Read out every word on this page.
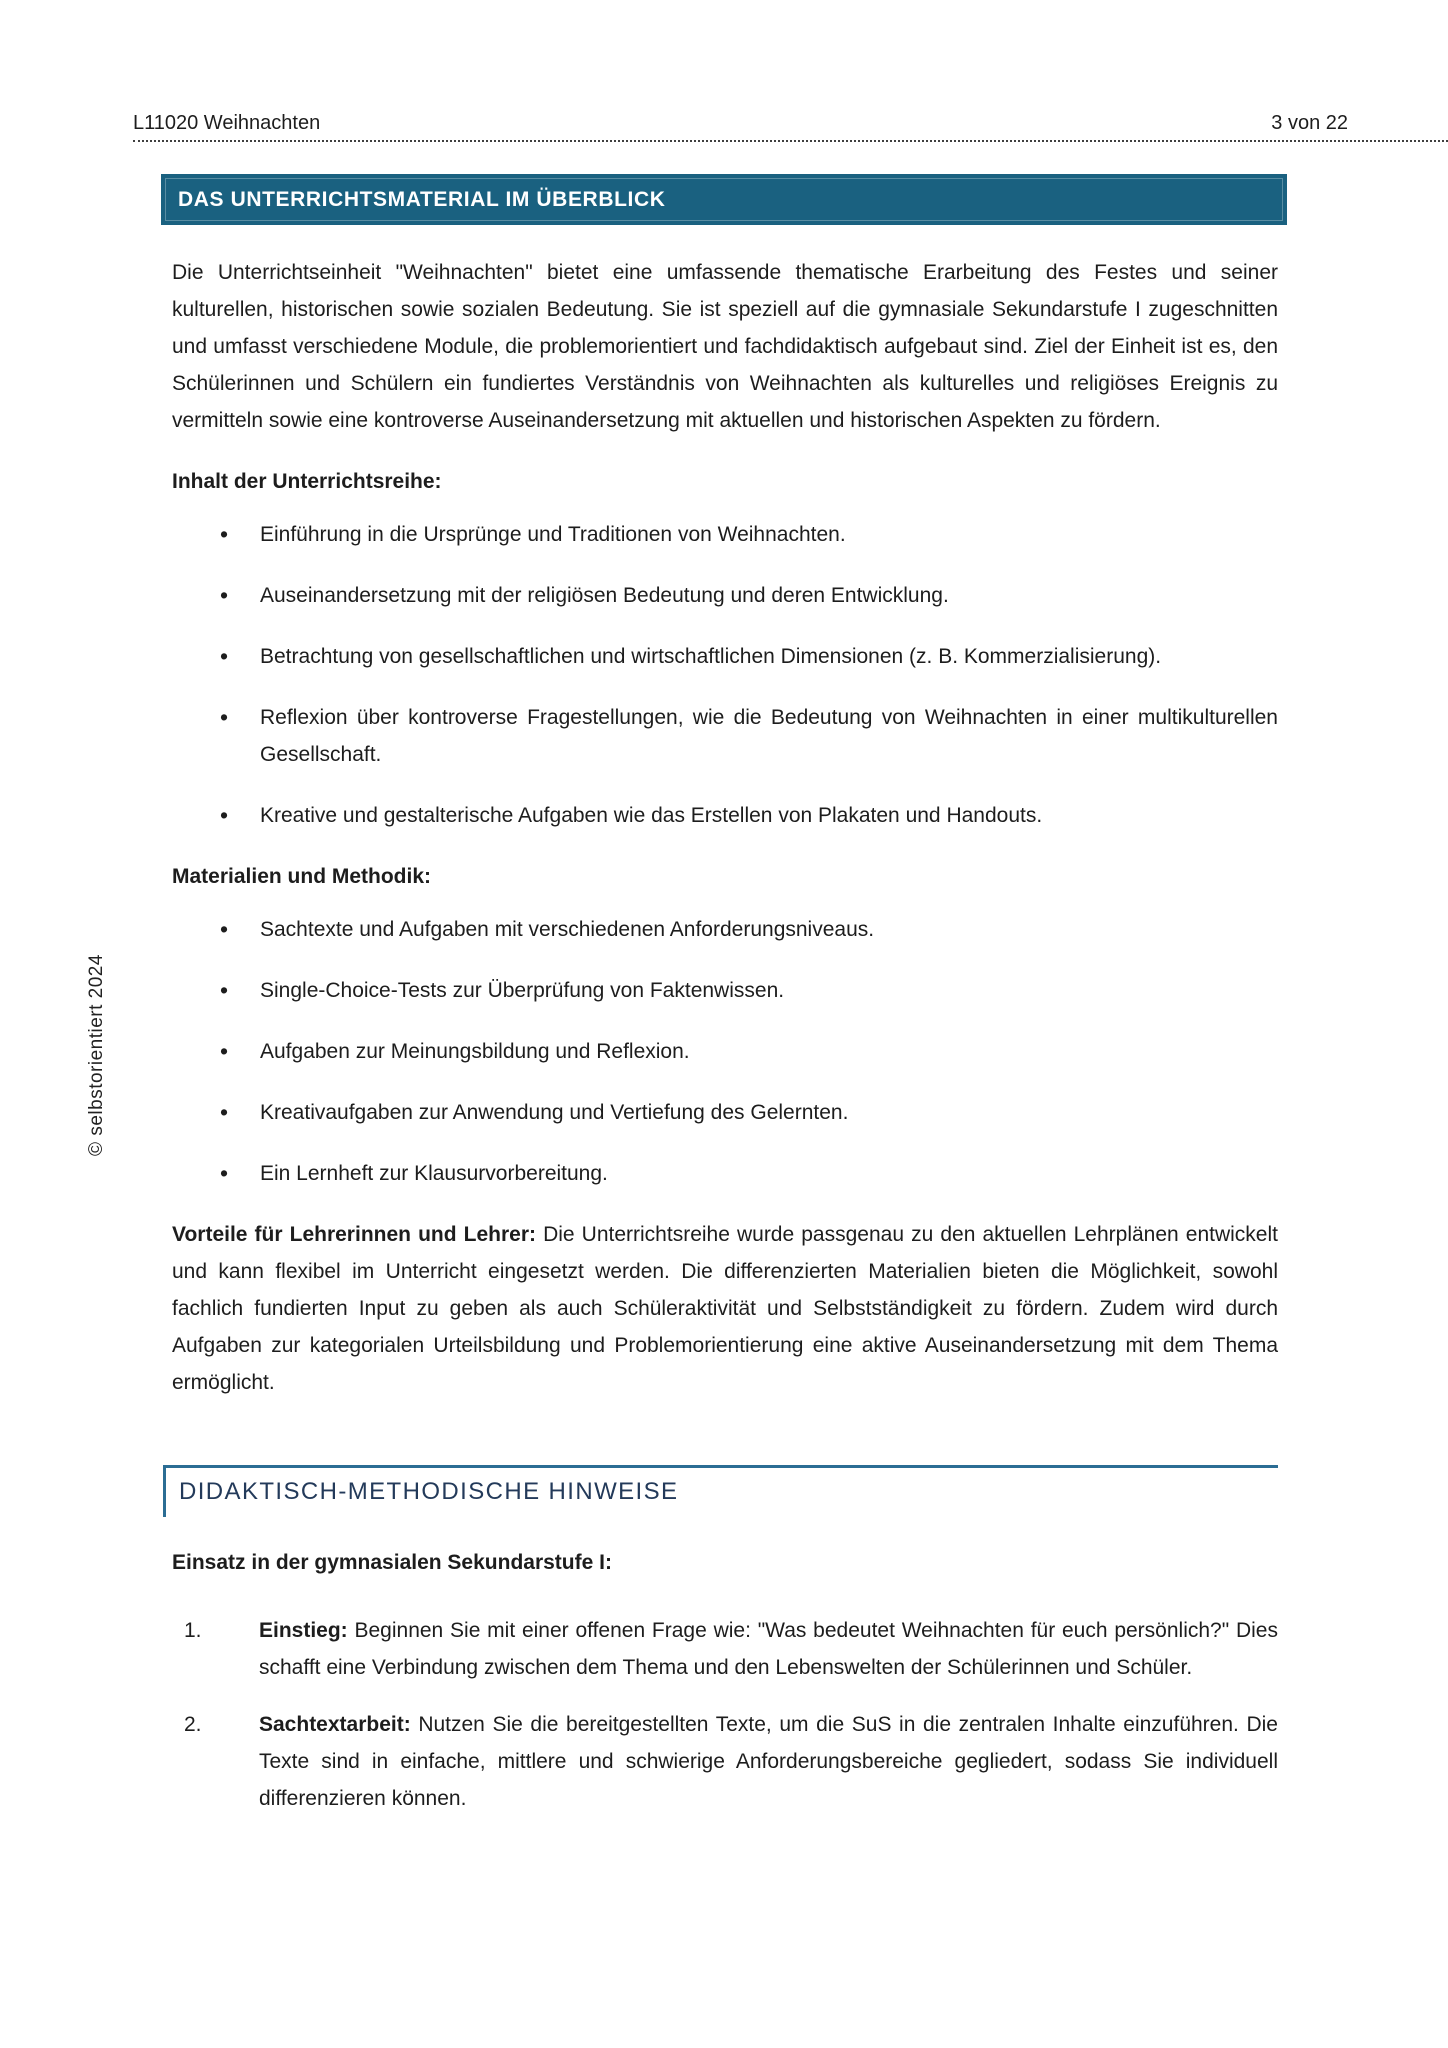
L11020 Weihnachten	3 von 22
© selbstorientiert 2024
DAS UNTERRICHTSMATERIAL IM ÜBERBLICK

Die Unterrichtseinheit "Weihnachten" bietet eine umfassende thematische Erarbeitung des Festes und seiner kulturellen, historischen sowie sozialen Bedeutung. Sie ist speziell auf die gymnasiale Sekundarstufe I zugeschnitten und umfasst verschiedene Module, die problemorientiert und fachdidaktisch aufgebaut sind. Ziel der Einheit ist es, den Schülerinnen und Schülern ein fundiertes Verständnis von Weihnachten als kulturelles und religiöses Ereignis zu vermitteln sowie eine kontroverse Auseinandersetzung mit aktuellen und historischen Aspekten zu fördern.

Inhalt der Unterrichtsreihe:
• Einführung in die Ursprünge und Traditionen von Weihnachten.
• Auseinandersetzung mit der religiösen Bedeutung und deren Entwicklung.
• Betrachtung von gesellschaftlichen und wirtschaftlichen Dimensionen (z. B. Kommerzialisierung).
• Reflexion über kontroverse Fragestellungen, wie die Bedeutung von Weihnachten in einer multikulturellen Gesellschaft.
• Kreative und gestalterische Aufgaben wie das Erstellen von Plakaten und Handouts.
Materialien und Methodik:
• Sachtexte und Aufgaben mit verschiedenen Anforderungsniveaus.
• Single-Choice-Tests zur Überprüfung von Faktenwissen.
• Aufgaben zur Meinungsbildung und Reflexion.
• Kreativaufgaben zur Anwendung und Vertiefung des Gelernten.
• Ein Lernheft zur Klausurvorbereitung.

Vorteile für Lehrerinnen und Lehrer: Die Unterrichtsreihe wurde passgenau zu den aktuellen Lehrplänen entwickelt und kann flexibel im Unterricht eingesetzt werden. Die differenzierten Materialien bieten die Möglichkeit, sowohl fachlich fundierten Input zu geben als auch Schüleraktivität und Selbstständigkeit zu fördern. Zudem wird durch Aufgaben zur kategorialen Urteilsbildung und Problemorientierung eine aktive Auseinandersetzung mit dem Thema ermöglicht.

DIDAKTISCH-METHODISCHE HINWEISE
Einsatz in der gymnasialen Sekundarstufe I:
1.	Einstieg: Beginnen Sie mit einer offenen Frage wie: "Was bedeutet Weihnachten für euch persönlich?" Dies schafft eine Verbindung zwischen dem Thema und den Lebenswelten der Schülerinnen und Schüler.
2.	Sachtextarbeit: Nutzen Sie die bereitgestellten Texte, um die SuS in die zentralen Inhalte einzuführen. Die Texte sind in einfache, mittlere und schwierige Anforderungsbereiche gegliedert, sodass Sie individuell differenzieren können.
